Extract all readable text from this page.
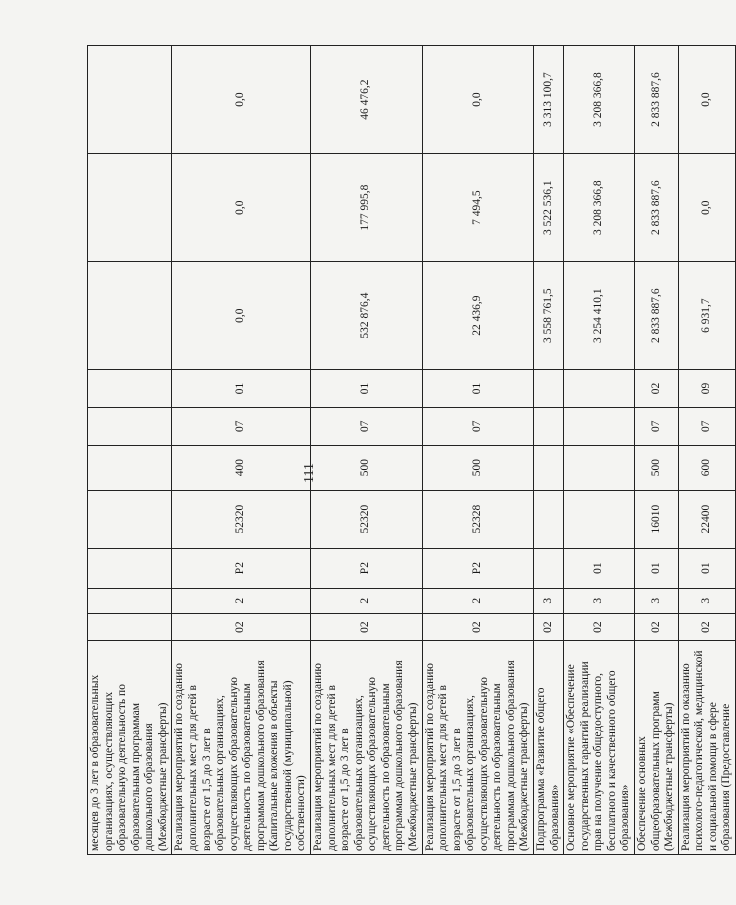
111
месяцев до 3 лет в образовательных организациях, осуществляющих образовательную деятельность по образовательным программам дошкольного образования (Межбюджетные трансферты)										
Реализация мероприятий по созданию дополнительных мест для детей в возрасте от 1,5 до 3 лет в образовательных организациях, осуществляющих образовательную деятельность по образовательным программам дошкольного образования (Капитальные вложения в объекты государственной (муниципальной) собственности)	02	2	P2	52320	400	07	01	0,0	0,0	0,0
Реализация мероприятий по созданию дополнительных мест для детей в возрасте от 1,5 до 3 лет в образовательных организациях, осуществляющих образовательную деятельность по образовательным программам дошкольного образования (Межбюджетные трансферты)	02	2	P2	52320	500	07	01	532 876,4	177 995,8	46 476,2
Реализация мероприятий по созданию дополнительных мест для детей в возрасте от 1,5 до 3 лет в образовательных организациях, осуществляющих образовательную деятельность по образовательным программам дошкольного образования (Межбюджетные трансферты)	02	2	P2	52328	500	07	01	22 436,9	7 494,5	0,0
Подпрограмма «Развитие общего образования»	02	3						3 558 761,5	3 522 536,1	3 313 100,7
Основное мероприятие «Обеспечение государственных гарантий реализации прав на получение общедоступного, бесплатного и качественного общего образования»	02	3	01					3 254 410,1	3 208 366,8	3 208 366,8
Обеспечение основных общеобразовательных программ (Межбюджетные трансферты)	02	3	01	16010	500	07	02	2 833 887,6	2 833 887,6	2 833 887,6
Реализация мероприятий по оказанию психолого-педагогической, медицинской и социальной помощи в сфере образования (Предоставление	02	3	01	22400	600	07	09	6 931,7	0,0	0,0
